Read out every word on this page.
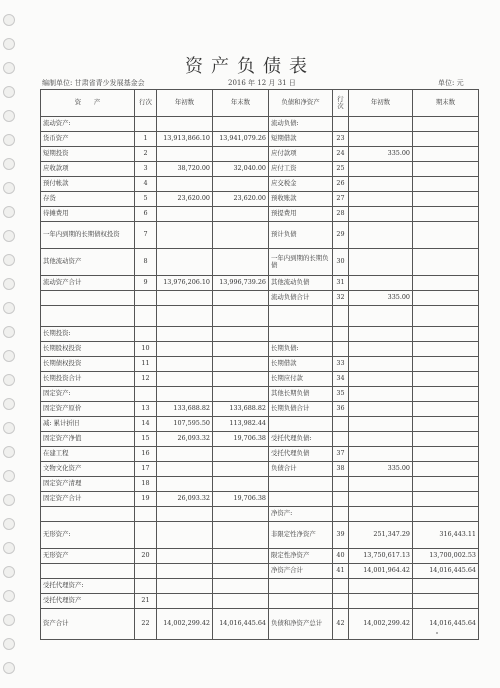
资产负债表
编制单位: 甘肃省青少发展基金会	2016 年 12 月 31 日	单位: 元
资　　产	行次	年初数	年末数	负债和净资产	行次	年初数	期末数
流动资产:				流动负债:			
货币资产	1	13,913,866.10	13,941,079.26	短期借款	23		
短期投资	2			应付款项	24	335.00	
应收款项	3	38,720.00	32,040.00	应付工资	25		
预付帐款	4			应交税金	26		
存货	5	23,620.00	23,620.00	预收账款	27		
待摊费用	6			预提费用	28		
一年内到期的长期债权投资	7			预计负债	29		
其他流动资产	8			一年内到期的长期负债	30		
流动资产合计	9	13,976,206.10	13,996,739.26	其他流动负债	31		
				流动负债合计	32	335.00	

长期投资:							
长期股权投资	10			长期负债:			
长期债权投资	11			长期借款	33		
长期投资合计	12			长期应付款	34		
固定资产:				其他长期负债	35		
固定资产原价	13	133,688.82	133,688.82	长期负债合计	36		
减: 累计折旧	14	107,595.50	113,982.44				
固定资产净值	15	26,093.32	19,706.38	受托代理负债:			
在建工程	16			受托代理负债	37		
文物文化资产	17			负债合计	38	335.00	
固定资产清理	18						
固定资产合计	19	26,093.32	19,706.38				
				净资产:			
无形资产:				非限定性净资产	39	251,347.29	316,443.11
无形资产	20			限定性净资产	40	13,750,617.13	13,700,002.53
				净资产合计	41	14,001,964.42	14,016,445.64
受托代理资产:							
受托代理资产	21						
资产合计	22	14,002,299.42	14,016,445.64	负债和净资产总计	42	14,002,299.42	14,016,445.64
